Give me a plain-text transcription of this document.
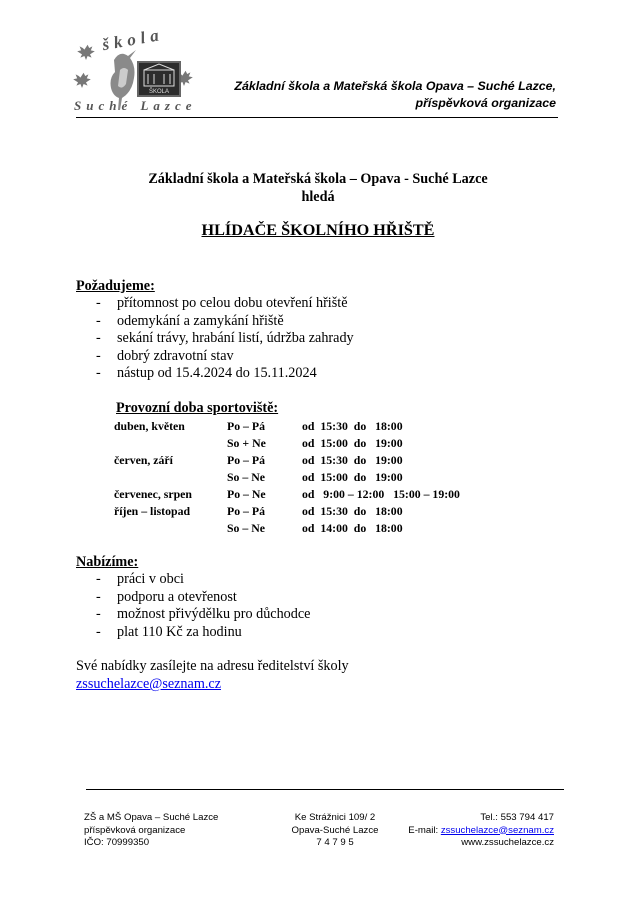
škola
ŠKOLA
Suché Lazce
Základní škola a Mateřská škola Opava – Suché Lazce,
příspěvková organizace
Základní škola a Mateřská škola – Opava - Suché Lazce
hledá
HLÍDAČE ŠKOLNÍHO HŘIŠTĚ
Požadujeme:
- přítomnost po celou dobu otevření hřiště
- odemykání a zamykání hřiště
- sekání trávy, hrabání listí, údržba zahrady
- dobrý zdravotní stav
- nástup od 15.4.2024 do 15.11.2024
Provozní doba sportoviště:
duben, květen	Po – Pá	od  15:30  do   18:00
	So + Ne	od  15:00  do   19:00
červen, září	Po – Pá	od  15:30  do   19:00
	So – Ne	od  15:00  do   19:00
červenec, srpen	Po – Ne	od   9:00 – 12:00   15:00 – 19:00
říjen – listopad	Po – Pá	od  15:30  do   18:00
	So – Ne	od  14:00  do   18:00
Nabízíme:
- práci v obci
- podporu a otevřenost
- možnost přivýdělku pro důchodce
- plat 110 Kč za hodinu
Své nabídky zasílejte na adresu ředitelství školy
zssuchelazce@seznam.cz
ZŠ a MŠ Opava – Suché Lazce
příspěvková organizace
IČO: 70999350
Ke Strážnici 109/ 2
Opava-Suché Lazce
7 4 7 9 5
Tel.: 553 794 417
E-mail: zssuchelazce@seznam.cz
www.zssuchelazce.cz
